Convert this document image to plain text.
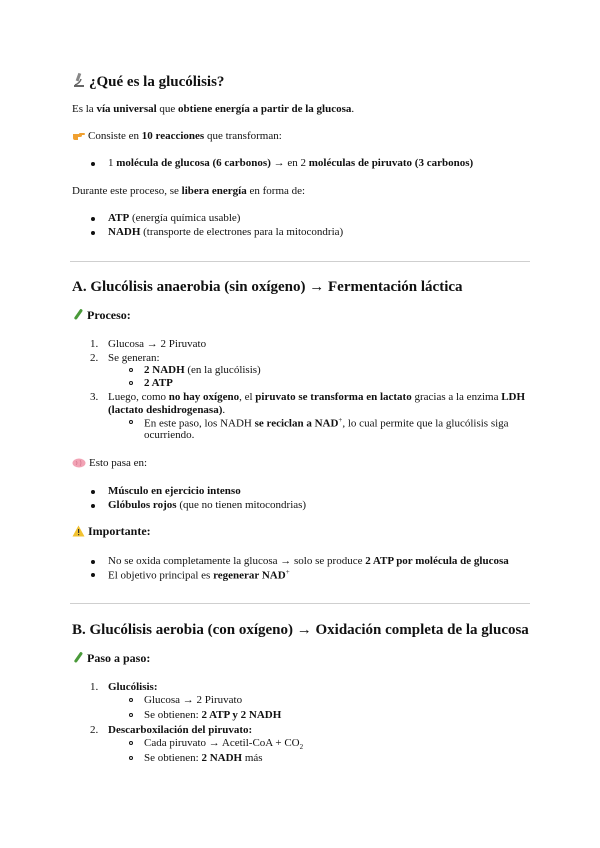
¿Qué es la glucólisis?
Es la vía universal que obtiene energía a partir de la glucosa.
Consiste en 10 reacciones que transforman:
1 molécula de glucosa (6 carbonos) → en 2 moléculas de piruvato (3 carbonos)
Durante este proceso, se libera energía en forma de:
ATP (energía química usable)
NADH (transporte de electrones para la mitocondria)
A. Glucólisis anaerobia (sin oxígeno) → Fermentación láctica
Proceso:
1. Glucosa → 2 Piruvato
2. Se generan:
2 NADH (en la glucólisis)
2 ATP
3. Luego, como no hay oxígeno, el piruvato se transforma en lactato gracias a la enzima LDH
(lactato deshidrogenasa).
En este paso, los NADH se reciclan a NAD+, lo cual permite que la glucólisis siga
ocurriendo.
Esto pasa en:
Músculo en ejercicio intenso
Glóbulos rojos (que no tienen mitocondrias)
Importante:
No se oxida completamente la glucosa → solo se produce 2 ATP por molécula de glucosa
El objetivo principal es regenerar NAD+
B. Glucólisis aerobia (con oxígeno) → Oxidación completa de la glucosa
Paso a paso:
1. Glucólisis:
Glucosa → 2 Piruvato
Se obtienen: 2 ATP y 2 NADH
2. Descarboxilación del piruvato:
Cada piruvato → Acetil-CoA + $CO_2$
Se obtienen: 2 NADH más
